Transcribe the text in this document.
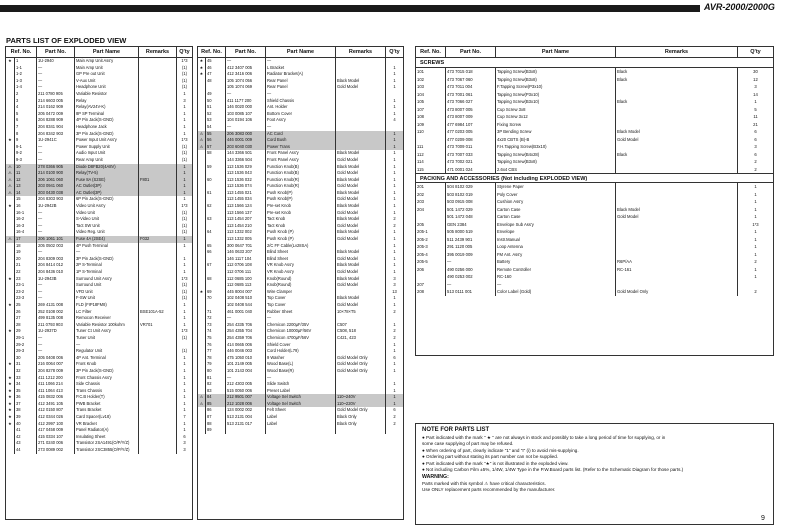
AVR-2000/2000G
PARTS LIST OF EXPLODED VIEW
Ref. No.	Part No.	Part Name	Remarks	Q'ty
★	1	1U-2940	Main Amp Unit Ass'y	1*3
1-1	—	Main Amp Unit	(1)
1-2	—	GP Pre out Unit	(1)
1-3	—	V-Aux Unit	(1)
1-4	—	Headphone Unit	(1)
2	211 0780 905	Variable Resistor	1
3	214 6603 005	Relay	3
4	214 0162 909	Relay(AV24V-K)	1
5	205 0472 009	8P SP Terminal	1
6	204 8288 909	4P Pin Jack(S-GND)	1
7	204 8341 904	Headphone Jack	1
8	204 8342 903	3P Pin Jack(S-GND)	1
★	9	1U-2941C	Power Input Unit Ass'y	1*3
9-1	—	Power Supply Unit	(1)
9-2	—	Audio Input Unit	(1)
9-3	—	Rear Amp Unit	(1)
⚠	10	278 0366 905	Diode D8FB20(4A8V)	1
⚠	11	214 0100 900	Relay(TV-5)	1
⚠	12	206 1061 060	Fuse 8A (S2SE)	F801	1
⚠	13	203 0941 060	AC Outlet(3P)	1
⚠	14	203 0430 038	AC Outlet(3P)	1
15	204 8303 903	6P Pin Jack(S-GND)	1
★	16	1U-2942B	Video Unit Ass'y	1*3
16-1	—	Video Unit	(1)
16-2	—	S-Video Unit	(1)
16-3	—	Tact SW Unit	(1)
16-4	—	Video Reg. Unit	(1)
⚠	17	206 1061 101	Fuse 4A (2SE4)	F032	1
18	205 0502 003	4P Push Terminal	1
19	—	—
20	204 8309 003	3P Pin Jack(S-GND)	1
21	204 8414 012	2P S-Terminal	1
22	204 8436 010	1P S-Terminal	1
★	23	1U-2943B	Surround Unit Ass'y	1*3
23-1	—	Surround Unit	(1)
23-2	—	VFD Unit	(1)
23-3	—	F-SW Unit	(1)
★	25	269 4131 008	FLD (FIP18FM8)	1
26	252 0108 002	LC Filter	BSE101A-52	1
27	499 8135 008	Remocon Receiver	1
28	211 0793 903	Variable Resistor 100kohm	VR701	1
★	29	1U-2937D	Tuner Ct Unit Ass'y	1*3
29-1	—	Tuner Unit	(1)
29-2	—	—
29-3	—	Regulator Unit	(1)
30	205 0408 006	4P Ant. Terminal	1
★	31	216 0064 007	Front Knob	1
32	204 8278 009	3P Pin Jack(S-GND)	1
★	33	411 1212 200	Front Chassis Ass'y	1
★	34	411 1066 214	Side Chassis	1
★	35	411 1064 413	Trans Chassis	1
★	36	415 0832 006	P.C.B Holder(T)	1
★	37	412 3491 105	PWB Bracket	1
★	38	412 0150 807	Trans Bracket	1
★	39	412 0344 026	Card Spacer(Lv18)	7
★	40	412 2997 100	VR Bracket	1
41	417 0458 009	Panel Radiator(A)	1
42	415 0334 107	Insulating Sheet	6
43	271 0240 006	Transistor 2SA1491(O/P/Y/Z)	3
44	273 0089 002	Transistor 2SC3855(O/P/Y/Z)	3
Ref. No.	Part No.	Part Name	Remarks	Q'ty
★ 45	—	—
★ 46	412 3407 005	L Bracket	1
★ 47	412 3416 006	Radiator Bracket(A)	1
48	105 1074 056	Rear Panel	Black Model	1
105 1074 069	Rear Panel	Gold Model	1
49	—	—
50	411 1177 200	Shield Chassis	1
51	146 0020 000	Ant. Holder	1
52	103 0085 107	Bottom Cover	1
53	104 0194 106	Foot Ass'y	4
54	—	—
⚠ 55	206 3083 000	AC Cord	1
⚠ 56	446 0001 009	Cord Bush	1
⚠ 57	203 6040 030	Power Trans	1
58	144 3366 501	Front Panel Ass'y	Black Model	1
144 3366 504	Front Panel Ass'y	Gold Model	1
59	113 1536 029	Function Knob(B)	Black Model	1
113 1536 043	Function Knob(B)	Gold Model	1
60	113 1536 032	Function Knob(R)	Black Model	1
113 1536 074	Function Knob(R)	Gold Model	1
61	113 1455 021	Push Knob(P)	Black Model	1
113 1455 034	Push Knob(P)	Gold Model	1
62	113 1566 124	Pre-set Knob	Black Model	1
113 1566 137	Pre-set Knob	Gold Model	1
63	113 1454 207	Tact Knob	Black Model	2
113 1454 210	Tact Knob	Gold Model	2
64	113 1332 002	Push Knob (P)	Black Model	1
113 1332 005	Push Knob (P)	Gold Model	1
65	300 0647 701	2/C FF Cable(Lv28SA)	1
66	146 0633 207	Blind Sheet	Black Model	1
146 1117 104	Blind Sheet	Gold Model	1
67	112 0706 108	VR Knob Ass'y	Black Model	1
112 0706 111	VR Knob Ass'y	Gold Model	1
68	112 0685 100	Knob(Round)	Black Model	3
112 0685 113	Knob(Round)	Gold Model	3
★ 69	445 8004 007	Wire Clamper	13
70	102 0408 510	Top Cover	Black Model	1
102 0408 544	Top Cover	Gold Model	1
71	461 0001 040	Rubber Sheet	10×78×T5	2
72	—	—
73	254 4335 706	Chemicon 2200µF/35V	C507	1
74	254 4355 704	Chemicon 10000µF/56V	C508, 518	2
75	254 4359 706	Chemicon 4700µF/56V	C421, 423	2
76	414 0665 006	Shield Cover	1
77	446 0046 003	Cord Holder(L79)	1
78	475 1050 010	9 Washer	Gold Model Only	6
79	101 2149 005	Wood Base(L)	Gold Model Only	1
80	101 2143 004	Wood Base(R)	Gold Model Only	1
81	—	—
82	212 4303 005	Slide Switch	1
83	515 0050 006	Preset Label	1
⚠ 84	212 9501 007	Voltage Sel Switch	110~240V	1
⚠ 85	212 1028 006	Voltage Sel Switch	110~220V	1
86	124 0002 002	Felt Sheet	Gold Model Only	6
87	513 2131 004	Label	Black Only	2
88	513 2131 017	Label	Black Only	2
89
Ref. No.	Part No.	Part Name	Remarks	Q'ty
SCREWS
101	473 7015 018	Tapping Screw(B3x8)	Black	30
102	473 7067 060	Tapping Screw(B3x8)	Black	12
103	473 7011 004	F.Tapping Screw(P3x10)	3
104	473 7001 061	Tapping Screw(P3x10)	14
105	473 7066 027	Tapping Screw(B3x10)	Black	1
107	473 8007 005	Cup Screw 3x8	5
108	473 8007 009	Cup Screw 3x12	11
109	477 6984 107	Fixing Screw	21
110	477 0203 005	3P Bending Screw	Black Model	6
477 0209 008	4x20 CBTS (B)-B	Gold Model	6
111	473 7009 011	F.H.Tapping Screw(B3x10)	3
112	473 7007 033	Tapping Screw(B4x28)	Black	6
114	473 7002 021	Tapping Screw(B3x8)	2
115	471 0001 024	2.6x4 CBS	2
PACKING AND ACCESSORIES (Not including EXPLODED VIEW)
201	504 8102 029	Styrene Paper	1
202	503 8102 019	Poly Cover	1
203	503 0915 008	Cushion Ass'y	1
204	501 1472 029	Carton Case	Black Model	1
501 1472 048	Carton Case	Gold Model	1
205	GEN 2384	Envelope Sub Ass'y	1*3
205-1	505 8000 519	Envelope	1
205-2	511 2439 901	Instr.Manual	1
205-3	291 1120 005	Loop Antenna	1
205-4	395 0019 009	FM Ant. Ass'y	1
205-5	—	Battery	R6P/AA	2
206	490 0256 000	Remote Controller	RC-161	1
490 0253 002	RC-160	1
207	—	—
208	513 0111 001	Color Label (Gold)	Gold Model Only	2
NOTE FOR PARTS LIST

● Part indicated with the mark " ★ " are not always in stock and possibly to take a long period of time for supplying, or in

some case supplying of part may be refused.

● When ordering of part, clearly indicate "1" and "I" (i) to avoid mis-supplying.

● Ordering part without stating its part number can not be supplied.

● Part indicated with the mark "★" is not illustrated in the exploded view.

● Not including Carbon Film ±5%, 1/4W, 1/4W Type in the P.W.Board parts list. (Refer to the Schematic Diagram for those parts.)

WARNING:

Parts marked with this symbol ⚠ have critical characteristics.

Use ONLY replacement parts recommended by the manufacturer.

9
